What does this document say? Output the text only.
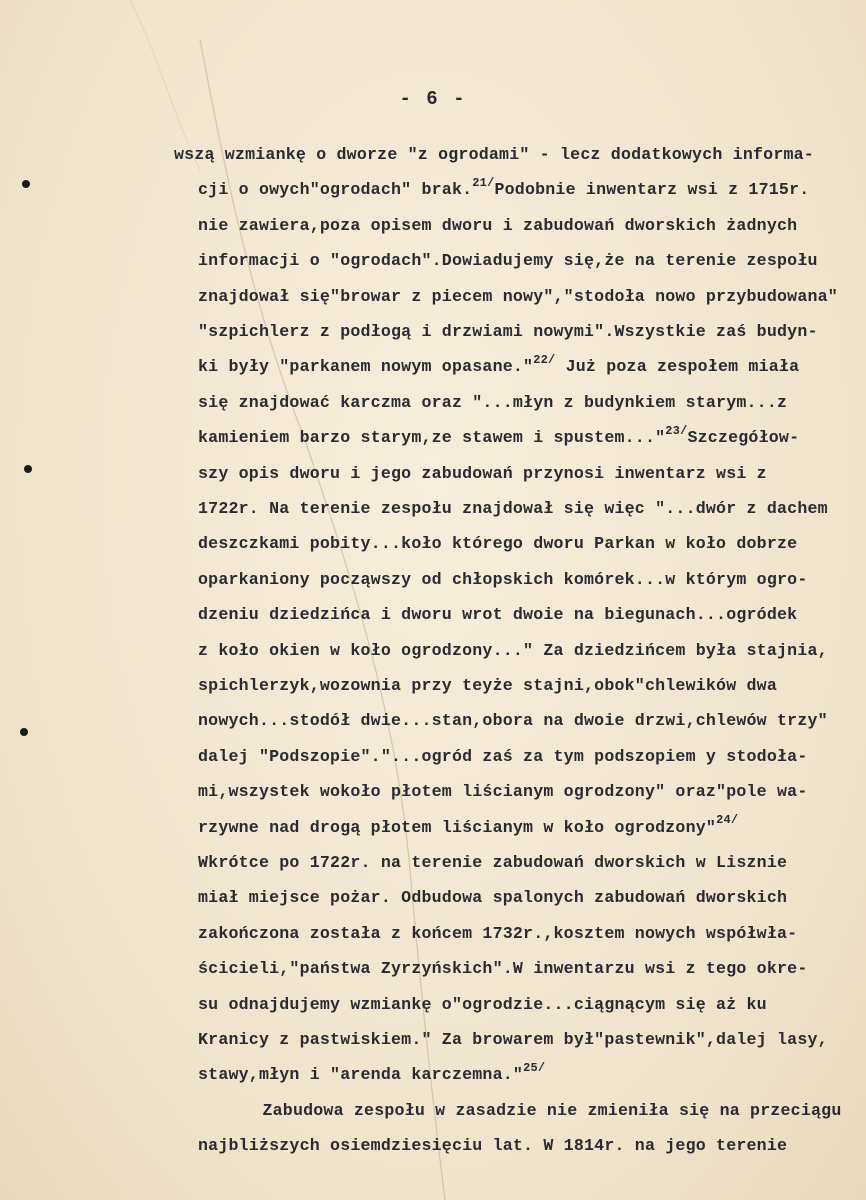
- 6 -
wszą wzmiankę o dworze "z ogrodami" - lecz dodatkowych informa-
cji o owych"ogrodach" brak.$^{21/}$Podobnie inwentarz wsi z 1715r.
nie zawiera,poza opisem dworu i zabudowań dworskich żadnych
informacji o "ogrodach".Dowiadujemy się,że na terenie zespołu
znajdował się"browar z piecem nowy","stodoła nowo przybudowana"
"szpichlerz z podłogą i drzwiami nowymi".Wszystkie zaś budyn-
ki były "parkanem nowym opasane."$^{22/}$ Już poza zespołem miała
się znajdować karczma oraz "...młyn z budynkiem starym...z
kamieniem barzo starym,ze stawem i spustem..."$^{23/}$Szczegółow-
szy opis dworu i jego zabudowań przynosi inwentarz wsi z
1722r. Na terenie zespołu znajdował się więc "...dwór z dachem
deszczkami pobity...koło którego dworu Parkan w koło dobrze
oparkaniony począwszy od chłopskich komórek...w którym ogro-
dzeniu dziedzińca i dworu wrot dwoie na biegunach...ogródek
z koło okien w koło ogrodzony..." Za dziedzińcem była stajnia,
spichlerzyk,wozownia przy teyże stajni,obok"chlewików dwa
nowych...stodół dwie...stan,obora na dwoie drzwi,chlewów trzy"
dalej "Podszopie"."...ogród zaś za tym podszopiem y stodoła-
mi,wszystek wokoło płotem liścianym ogrodzony" oraz"pole wa-
rzywne nad drogą płotem liścianym w koło ogrodzony"$^{24/}$
Wkrótce po 1722r. na terenie zabudowań dworskich w Lisznie
miał miejsce pożar. Odbudowa spalonych zabudowań dworskich
zakończona została z końcem 1732r.,kosztem nowych współwła-
ścicieli,"państwa Zyrzyńskich".W inwentarzu wsi z tego okre-
su odnajdujemy wzmiankę o"ogrodzie...ciągnącym się aż ku
Kranicy z pastwiskiem." Za browarem był"pastewnik",dalej lasy,
stawy,młyn i "arenda karczemna."$^{25/}$
Zabudowa zespołu w zasadzie nie zmieniła się na przeciągu
najbliższych osiemdziesięciu lat. W 1814r. na jego terenie
